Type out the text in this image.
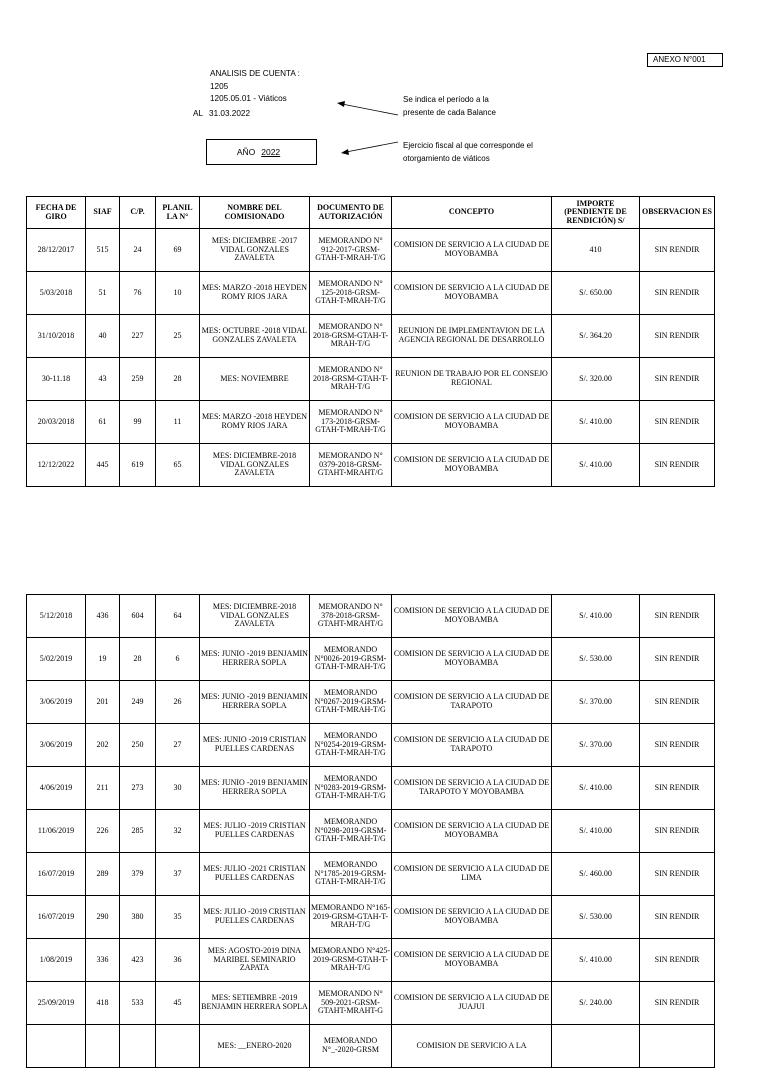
ANEXO N°001
ANALISIS DE CUENTA :
1205
1205.05.01 - Viáticos
AL 31.03.2022
AÑO 2022
Se indica el período a la
presente de cada Balance
Ejercicio fiscal al que corresponde el
otorgamiento de viáticos
FECHA DE GIRO	SIAF	C/P.	PLANIL LA N°	NOMBRE DEL COMISIONADO	DOCUMENTO DE AUTORIZACIÓN	CONCEPTO	IMPORTE (PENDIENTE DE RENDICIÓN) S/	OBSERVACION ES
28/12/2017	515	24	69	MES: DICIEMBRE -2017 VIDAL GONZALES ZAVALETA	MEMORANDO N° 912-2017-GRSM-GTAH-T-MRAH-T/G	COMISION DE SERVICIO A LA CIUDAD DE MOYOBAMBA	410	SIN RENDIR
5/03/2018	51	76	10	MES: MARZO -2018 HEYDEN ROMY RIOS JARA	MEMORANDO N° 125-2018-GRSM-GTAH-T-MRAH-T/G	COMISION DE SERVICIO A LA CIUDAD DE MOYOBAMBA	S/. 650.00	SIN RENDIR
31/10/2018	40	227	25	MES: OCTUBRE -2018 VIDAL GONZALES ZAVALETA	MEMORANDO N° 2018-GRSM-GTAH-T-MRAH-T/G	REUNION DE IMPLEMENTAVION DE LA AGENCIA REGIONAL DE DESARROLLO	S/. 364.20	SIN RENDIR
30-11.18	43	259	28	MES: NOVIEMBRE	MEMORANDO N° 2018-GRSM-GTAH-T-MRAH-T/G	REUNION DE TRABAJO POR EL CONSEJO REGIONAL	S/. 320.00	SIN RENDIR
20/03/2018	61	99	11	MES: MARZO -2018 HEYDEN ROMY RIOS JARA	MEMORANDO N° 173-2018-GRSM-GTAH-T-MRAH-T/G	COMISION DE SERVICIO A LA CIUDAD DE MOYOBAMBA	S/. 410.00	SIN RENDIR
12/12/2022	445	619	65	MES: DICIEMBRE-2018 VIDAL GONZALES ZAVALETA	MEMORANDO N° 0379-2018-GRSM-GTAHT-MRAHT/G	COMISION DE SERVICIO A LA CIUDAD DE MOYOBAMBA	S/. 410.00	SIN RENDIR
5/12/2018	436	604	64	MES: DICIEMBRE-2018 VIDAL GONZALES ZAVALETA	MEMORANDO N° 378-2018-GRSM-GTAHT-MRAHT/G	COMISION DE SERVICIO A LA CIUDAD DE MOYOBAMBA	S/. 410.00	SIN RENDIR
5/02/2019	19	28	6	MES: JUNIO -2019 BENJAMIN HERRERA SOPLA	MEMORANDO N°0026-2019-GRSM-GTAH-T-MRAH-T/G	COMISION DE SERVICIO A LA CIUDAD DE MOYOBAMBA	S/. 530.00	SIN RENDIR
3/06/2019	201	249	26	MES: JUNIO -2019 BENJAMIN HERRERA SOPLA	MEMORANDO N°0267-2019-GRSM-GTAH-T-MRAH-T/G	COMISION DE SERVICIO A LA CIUDAD DE TARAPOTO	S/. 370.00	SIN RENDIR
3/06/2019	202	250	27	MES: JUNIO -2019 CRISTIAN PUELLES CARDENAS	MEMORANDO N°0254-2019-GRSM-GTAH-T-MRAH-T/G	COMISION DE SERVICIO A LA CIUDAD DE TARAPOTO	S/. 370.00	SIN RENDIR
4/06/2019	211	273	30	MES: JUNIO -2019 BENJAMIN HERRERA SOPLA	MEMORANDO N°0283-2019-GRSM-GTAH-T-MRAH-T/G	COMISION DE SERVICIO A LA CIUDAD DE TARAPOTO Y MOYOBAMBA	S/. 410.00	SIN RENDIR
11/06/2019	226	285	32	MES: JULIO -2019 CRISTIAN PUELLES CARDENAS	MEMORANDO N°0298-2019-GRSM-GTAH-T-MRAH-T/G	COMISION DE SERVICIO A LA CIUDAD DE MOYOBAMBA	S/. 410.00	SIN RENDIR
16/07/2019	289	379	37	MES: JULIO -2021 CRISTIAN PUELLES CARDENAS	MEMORANDO N°1785-2019-GRSM-GTAH-T-MRAH-T/G	COMISION DE SERVICIO A LA CIUDAD DE LIMA	S/. 460.00	SIN RENDIR
16/07/2019	290	380	35	MES: JULIO -2019 CRISTIAN PUELLES CARDENAS	MEMORANDO N°165-2019-GRSM-GTAH-T-MRAH-T/G	COMISION DE SERVICIO A LA CIUDAD DE MOYOBAMBA	S/. 530.00	SIN RENDIR
1/08/2019	336	423	36	MES: AGOSTO-2019 DINA MARIBEL SEMINARIO ZAPATA	MEMORANDO N°425-2019-GRSM-GTAH-T-MRAH-T/G	COMISION DE SERVICIO A LA CIUDAD DE MOYOBAMBA	S/. 410.00	SIN RENDIR
25/09/2019	418	533	45	MES: SETIEMBRE -2019 BENJAMIN HERRERA SOPLA	MEMORANDO N° 509-2021-GRSM-GTAHT-MRAHT-G	COMISION DE SERVICIO A LA CIUDAD DE JUAJUI	S/. 240.00	SIN RENDIR
				MES: __ENERO-2020	MEMORANDO N°_-2020-GRSM	COMISION DE SERVICIO A LA		
